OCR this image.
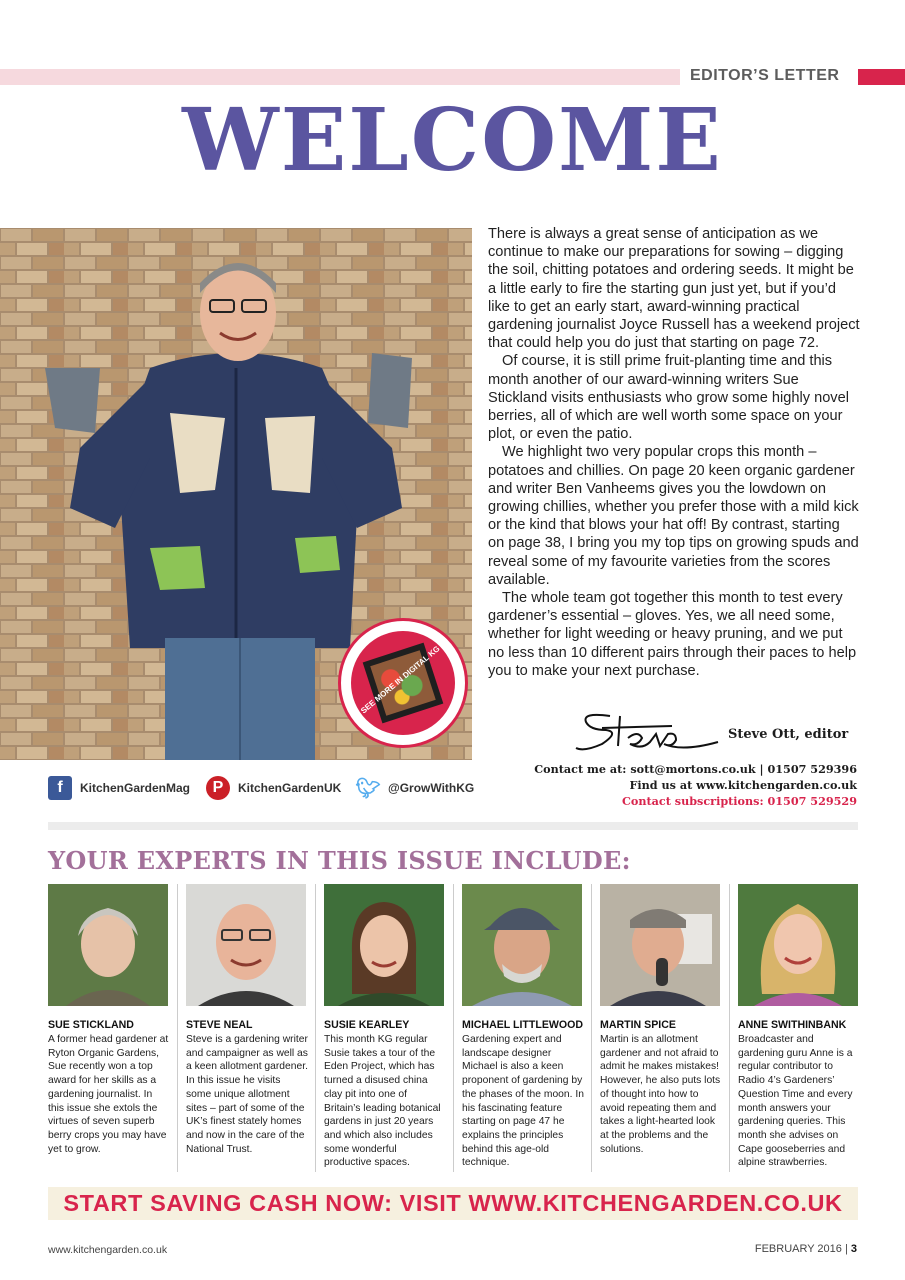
EDITOR’S LETTER
WELCOME
SEE MORE IN DIGITAL KG +

There is always a great sense of anticipation as we continue to make our preparations for sowing – digging the soil, chitting potatoes and ordering seeds. It might be a little early to fire the starting gun just yet, but if you’d like to get an early start, award-winning practical gardening journalist Joyce Russell has a weekend project that could help you do just that starting on page 72.

Of course, it is still prime fruit-planting time and this month another of our award-winning writers Sue Stickland visits enthusiasts who grow some highly novel berries, all of which are well worth some space on your plot, or even the patio.

We highlight two very popular crops this month – potatoes and chillies. On page 20 keen organic gardener and writer Ben Vanheems gives you the lowdown on growing chillies, whether you prefer those with a mild kick or the kind that blows your hat off! By contrast, starting on page 38, I bring you my top tips on growing spuds and reveal some of my favourite varieties from the scores available.

The whole team got together this month to test every gardener’s essential – gloves. Yes, we all need some, whether for light weeding or heavy pruning, and we put no less than 10 different pairs through their paces to help you to make your next purchase.

Steve Ott, editor
Contact me at: sott@mortons.co.uk | 01507 529396
Find us at www.kitchengarden.co.uk
Contact subscriptions: 01507 529529
f	KitchenGardenMag	P	KitchenGardenUK 🐦︎ @GrowWithKG
YOUR EXPERTS IN THIS ISSUE INCLUDE:
SUE STICKLAND
A former head gardener at Ryton Organic Gardens, Sue recently won a top award for her skills as a gardening journalist. In this issue she extols the virtues of seven superb berry crops you may have yet to grow.
STEVE NEAL
Steve is a gardening writer and campaigner as well as a keen allotment gardener. In this issue he visits some unique allotment sites – part of some of the UK’s finest stately homes and now in the care of the National Trust.
SUSIE KEARLEY
This month KG regular Susie takes a tour of the Eden Project, which has turned a disused china clay pit into one of Britain’s leading botanical gardens in just 20 years and which also includes some wonderful productive spaces.
MICHAEL LITTLEWOOD
Gardening expert and landscape designer Michael is also a keen proponent of gardening by the phases of the moon. In his fascinating feature starting on page 47 he explains the principles behind this age-old technique.
MARTIN SPICE
Martin is an allotment gardener and not afraid to admit he makes mistakes! However, he also puts lots of thought into how to avoid repeating them and takes a light-hearted look at the problems and the solutions.
ANNE SWITHINBANK
Broadcaster and gardening guru Anne is a regular contributor to Radio 4’s Gardeners’ Question Time and every month answers your gardening queries. This month she advises on Cape gooseberries and alpine strawberries.
START SAVING CASH NOW: VISIT WWW.KITCHENGARDEN.CO.UK
www.kitchengarden.co.uk	FEBRUARY 2016 | 3
